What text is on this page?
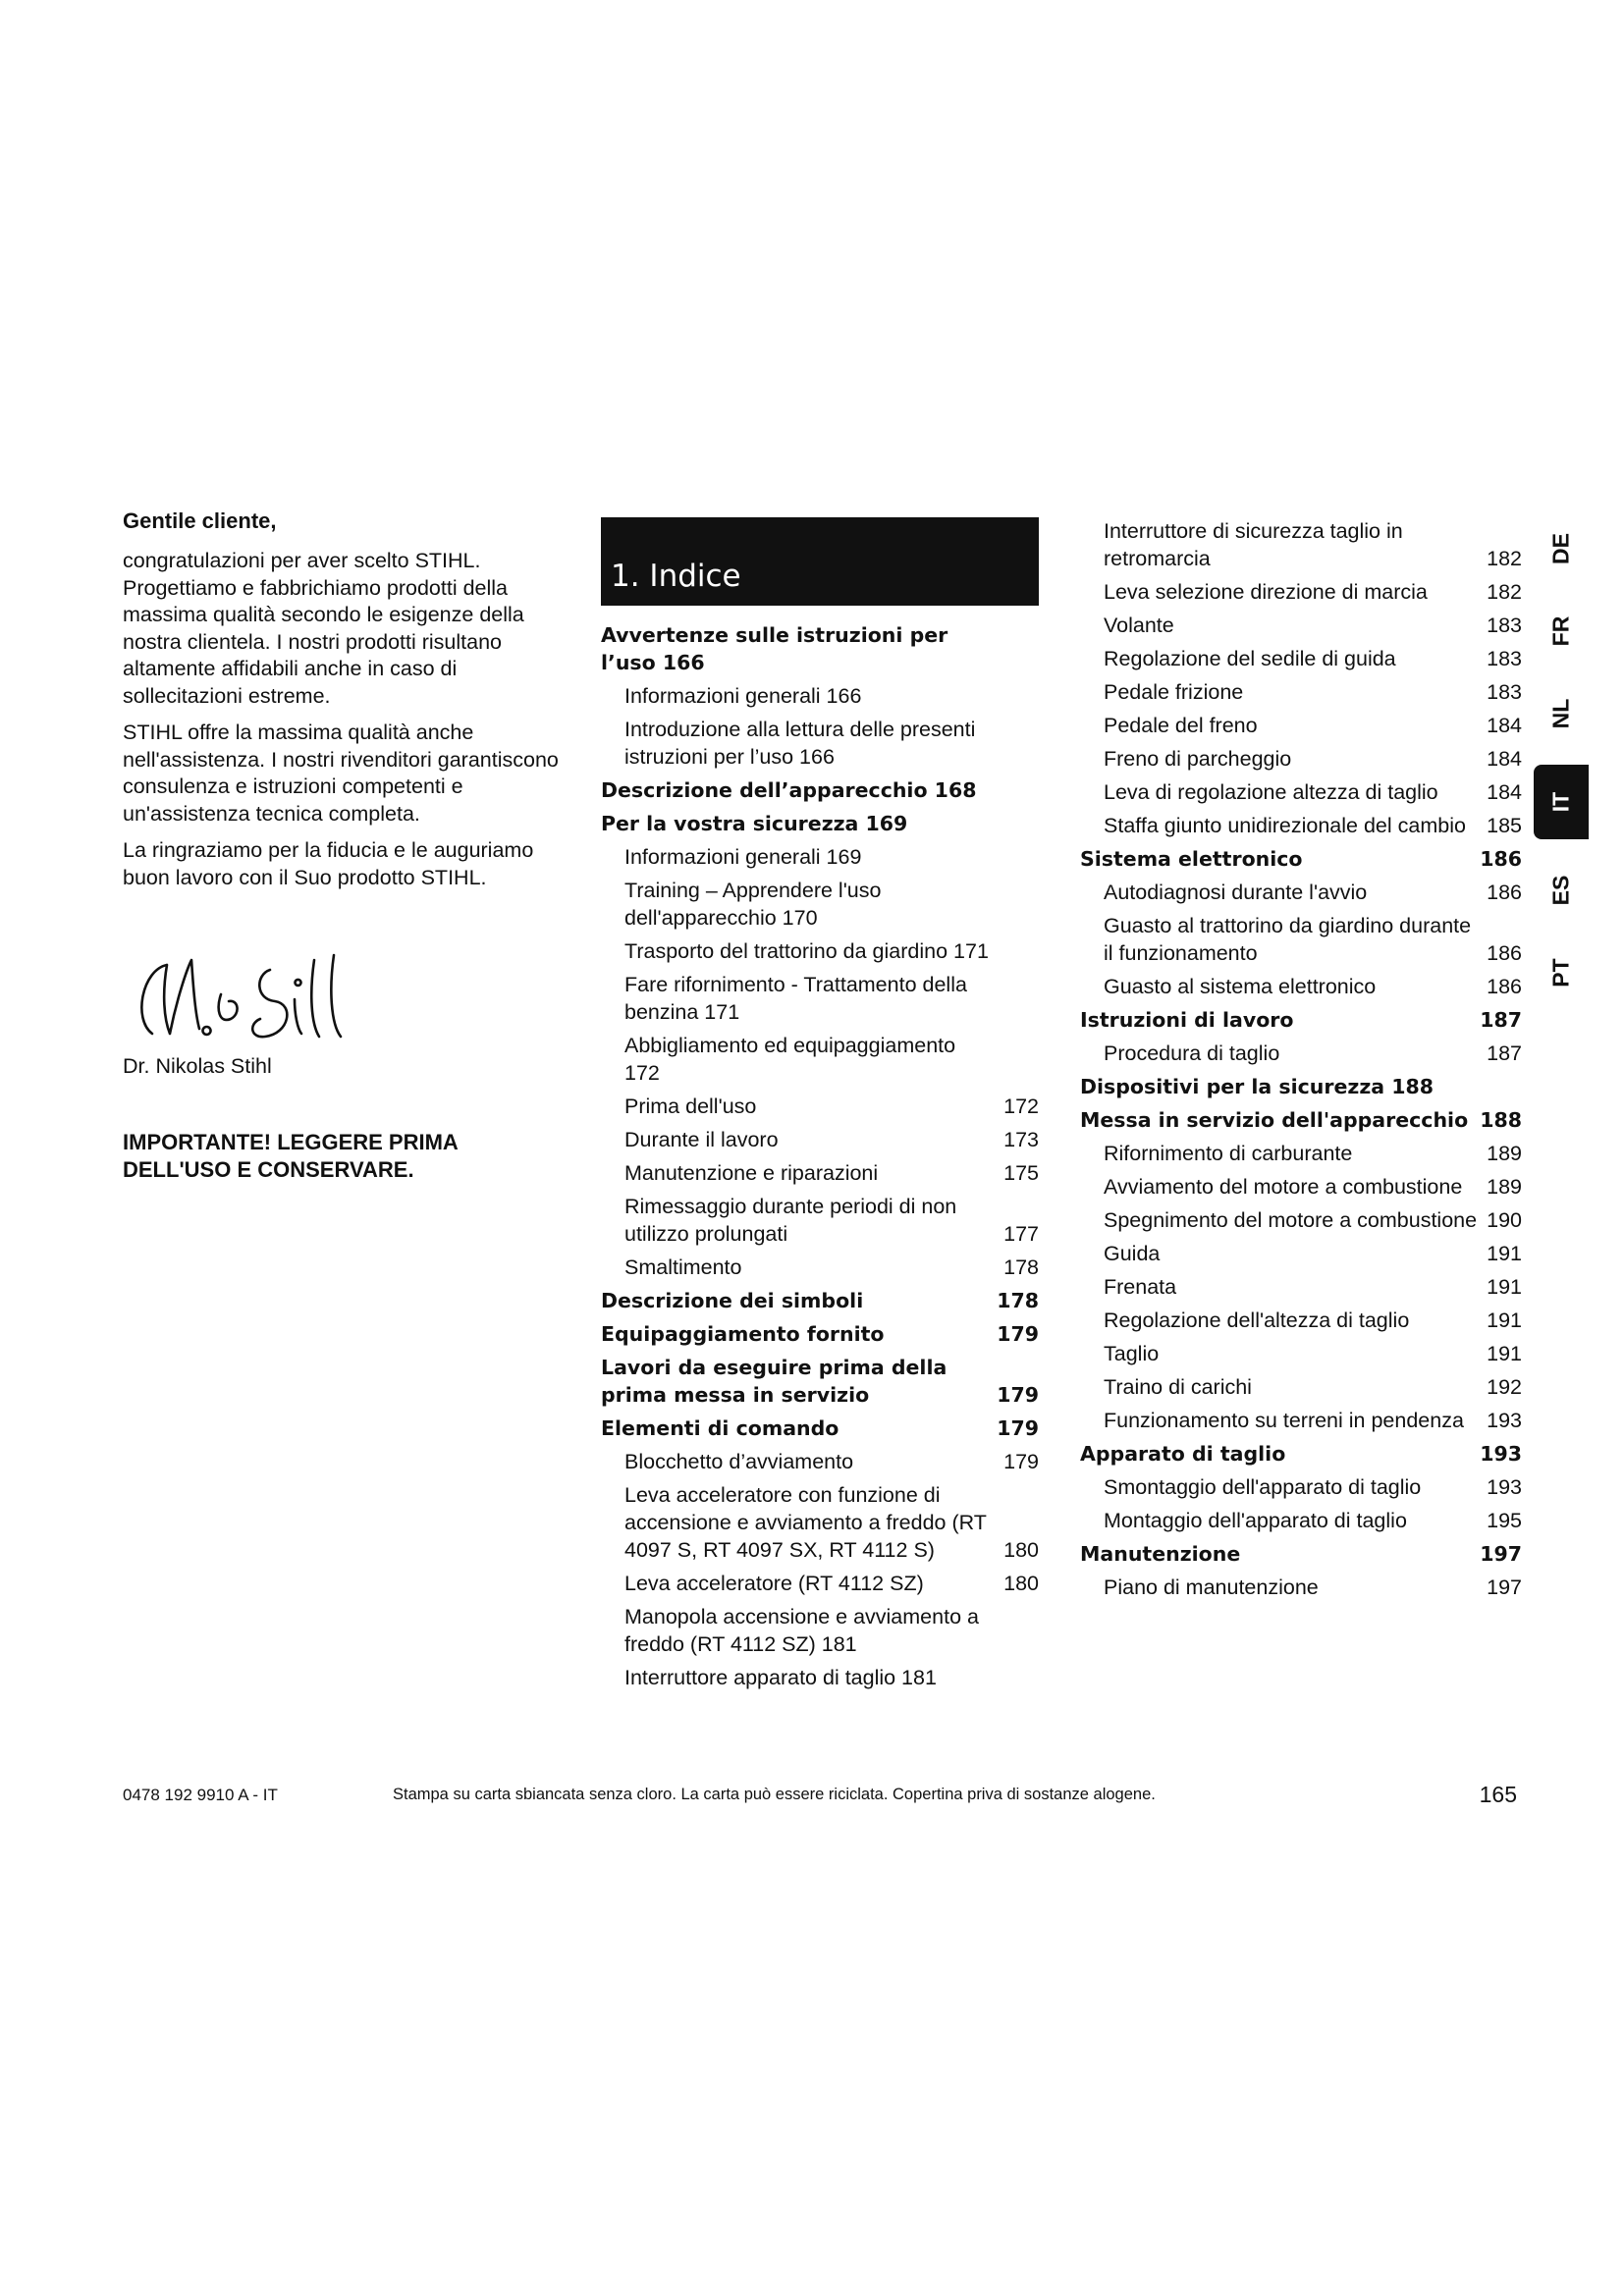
Gentile cliente,

congratulazioni per aver scelto STIHL. Progettiamo e fabbrichiamo prodotti della massima qualità secondo le esigenze della nostra clientela. I nostri prodotti risultano altamente affidabili anche in caso di sollecitazioni estreme.

STIHL offre la massima qualità anche nell'assistenza. I nostri rivenditori garantiscono consulenza e istruzioni competenti e un'assistenza tecnica completa.

La ringraziamo per la fiducia e le auguriamo buon lavoro con il Suo prodotto STIHL.

N. Stihl
Dr. Nikolas Stihl
IMPORTANTE! LEGGERE PRIMA DELL'USO E CONSERVARE.
1. Indice
Avvertenze sulle istruzioni per l’uso 166
Informazioni generali 166
Introduzione alla lettura delle presenti istruzioni per l’uso 166
Descrizione dell’apparecchio 168
Per la vostra sicurezza 169
Informazioni generali 169
Training – Apprendere l'uso dell'apparecchio 170
Trasporto del trattorino da giardino 171
Fare rifornimento - Trattamento della benzina 171
Abbigliamento ed equipaggiamento 172
Prima dell'uso	172
Durante il lavoro	173
Manutenzione e riparazioni	175
Rimessaggio durante periodi di non utilizzo prolungati	177
Smaltimento	178
Descrizione dei simboli	178
Equipaggiamento fornito	179
Lavori da eseguire prima della prima messa in servizio	179
Elementi di comando	179
Blocchetto d’avviamento	179
Leva acceleratore con funzione di accensione e avviamento a freddo (RT 4097 S, RT 4097 SX, RT 4112 S)	180
Leva acceleratore (RT 4112 SZ)	180
Manopola accensione e avviamento a freddo (RT 4112 SZ) 181
Interruttore apparato di taglio 181
Interruttore di sicurezza taglio in retromarcia	182
Leva selezione direzione di marcia	182
Volante	183
Regolazione del sedile di guida	183
Pedale frizione	183
Pedale del freno	184
Freno di parcheggio	184
Leva di regolazione altezza di taglio	184
Staffa giunto unidirezionale del cambio 185
Sistema elettronico	186
Autodiagnosi durante l'avvio	186
Guasto al trattorino da giardino durante il funzionamento	186
Guasto al sistema elettronico	186
Istruzioni di lavoro	187
Procedura di taglio	187
Dispositivi per la sicurezza 188
Messa in servizio dell'apparecchio 188
Rifornimento di carburante	189
Avviamento del motore a combustione	189
Spegnimento del motore a combustione 190
Guida	191
Frenata	191
Regolazione dell'altezza di taglio	191
Taglio	191
Traino di carichi	192
Funzionamento su terreni in pendenza	193
Apparato di taglio	193
Smontaggio dell'apparato di taglio	193
Montaggio dell'apparato di taglio	195
Manutenzione	197
Piano di manutenzione	197
DE
FR
NL
IT
ES
PT
0478 192 9910 A - IT	Stampa su carta sbiancata senza cloro. La carta può essere riciclata. Copertina priva di sostanze alogene.	165
